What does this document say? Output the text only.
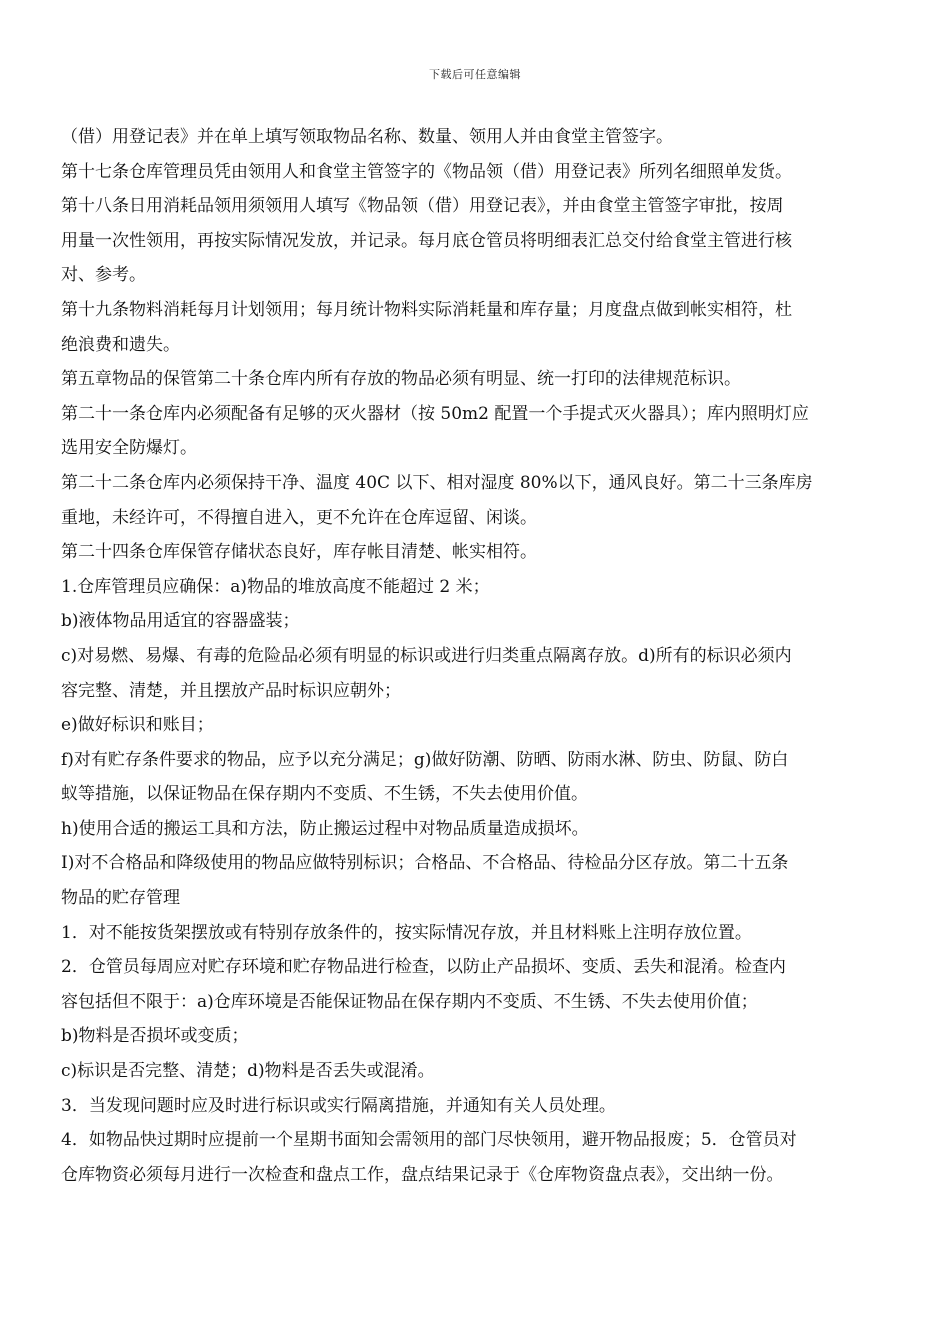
下载后可任意编辑
（借）用登记表》并在单上填写领取物品名称、数量、领用人并由食堂主管签字。
第十七条仓库管理员凭由领用人和食堂主管签字的《物品领（借）用登记表》所列名细照单发货。
第十八条日用消耗品领用须领用人填写《物品领（借）用登记表》，并由食堂主管签字审批，按周
用量一次性领用，再按实际情况发放，并记录。每月底仓管员将明细表汇总交付给食堂主管进行核
对、参考。
第十九条物料消耗每月计划领用；每月统计物料实际消耗量和库存量；月度盘点做到帐实相符，杜
绝浪费和遗失。
第五章物品的保管第二十条仓库内所有存放的物品必须有明显、统一打印的法律规范标识。
第二十一条仓库内必须配备有足够的灭火器材（按 50m2 配置一个手提式灭火器具）；库内照明灯应
选用安全防爆灯。
第二十二条仓库内必须保持干净、温度 40C 以下、相对湿度 80%以下，通风良好。第二十三条库房
重地，未经许可，不得擅自进入，更不允许在仓库逗留、闲谈。
第二十四条仓库保管存储状态良好，库存帐目清楚、帐实相符。
1.仓库管理员应确保：a)物品的堆放高度不能超过 2 米；
b)液体物品用适宜的容器盛装；
c)对易燃、易爆、有毒的危险品必须有明显的标识或进行归类重点隔离存放。d)所有的标识必须内
容完整、清楚，并且摆放产品时标识应朝外；
e)做好标识和账目；
f)对有贮存条件要求的物品，应予以充分满足；g)做好防潮、防晒、防雨水淋、防虫、防鼠、防白
蚁等措施，以保证物品在保存期内不变质、不生锈，不失去使用价值。
h)使用合适的搬运工具和方法，防止搬运过程中对物品质量造成损坏。
I)对不合格品和降级使用的物品应做特别标识；合格品、不合格品、待检品分区存放。第二十五条
物品的贮存管理
1．对不能按货架摆放或有特别存放条件的，按实际情况存放，并且材料账上注明存放位置。
2．仓管员每周应对贮存环境和贮存物品进行检查，以防止产品损坏、变质、丢失和混淆。检查内
容包括但不限于：a)仓库环境是否能保证物品在保存期内不变质、不生锈、不失去使用价值；
b)物料是否损坏或变质；
c)标识是否完整、清楚；d)物料是否丢失或混淆。
3．当发现问题时应及时进行标识或实行隔离措施，并通知有关人员处理。
4．如物品快过期时应提前一个星期书面知会需领用的部门尽快领用，避开物品报废；5．仓管员对
仓库物资必须每月进行一次检查和盘点工作，盘点结果记录于《仓库物资盘点表》，交出纳一份。
